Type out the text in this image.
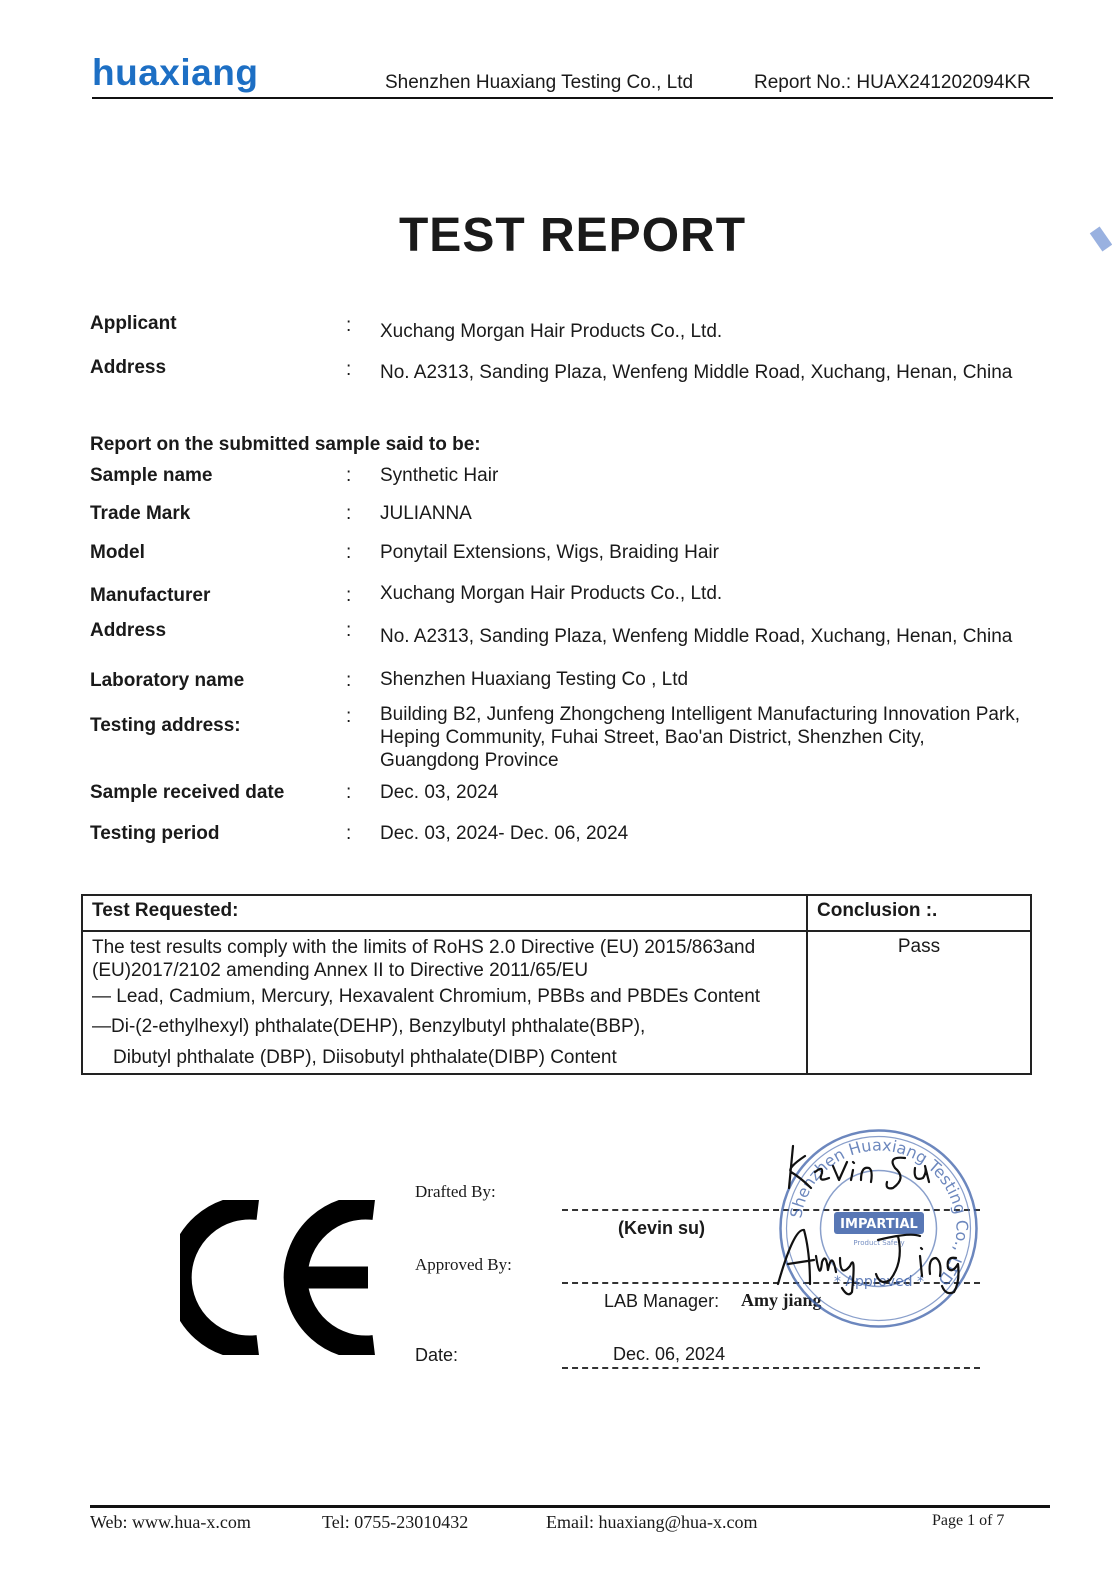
huaxiang	Shenzhen Huaxiang Testing Co., Ltd	Report No.: HUAX241202094KR
TEST REPORT
Applicant	: Xuchang Morgan Hair Products Co., Ltd.
Address	: No. A2313, Sanding Plaza, Wenfeng Middle Road, Xuchang, Henan, China
Report on the submitted sample said to be:
Sample name	: Synthetic Hair
Trade Mark	: JULIANNA
Model	: Ponytail Extensions, Wigs, Braiding Hair
Manufacturer	: Xuchang Morgan Hair Products Co., Ltd.
Address	: No. A2313, Sanding Plaza, Wenfeng Middle Road, Xuchang, Henan, China
Laboratory name	: Shenzhen Huaxiang Testing Co , Ltd
Testing address:	: Building B2, Junfeng Zhongcheng Intelligent Manufacturing Innovation Park,
Heping Community, Fuhai Street, Bao'an District, Shenzhen City,
Guangdong Province
Sample received date	: Dec. 03, 2024
Testing period	: Dec. 03, 2024- Dec. 06, 2024
Test Requested:	Conclusion :.

The test results comply with the limits of RoHS 2.0 Directive (EU) 2015/863and

(EU)2017/2102 amending Annex II to Directive 2011/65/EU

— Lead, Cadmium, Mercury, Hexavalent Chromium, PBBs and PBDEs Content

—Di-(2-ethylhexyl) phthalate(DEHP), Benzylbutyl phthalate(BBP),

Dibutyl phthalate (DBP), Diisobutyl phthalate(DIBP) Content	Pass
Drafted By:
(Kevin su)
Approved By:
LAB Manager: Amy jiang
Date:	Dec. 06, 2024
Shenzhen Huaxiang Testing Co., LTD
IMPARTIAL
Product Safety
* Approved *
Web: www.hua-x.com	Tel: 0755-23010432	Email: huaxiang@hua-x.com	Page 1 of 7
